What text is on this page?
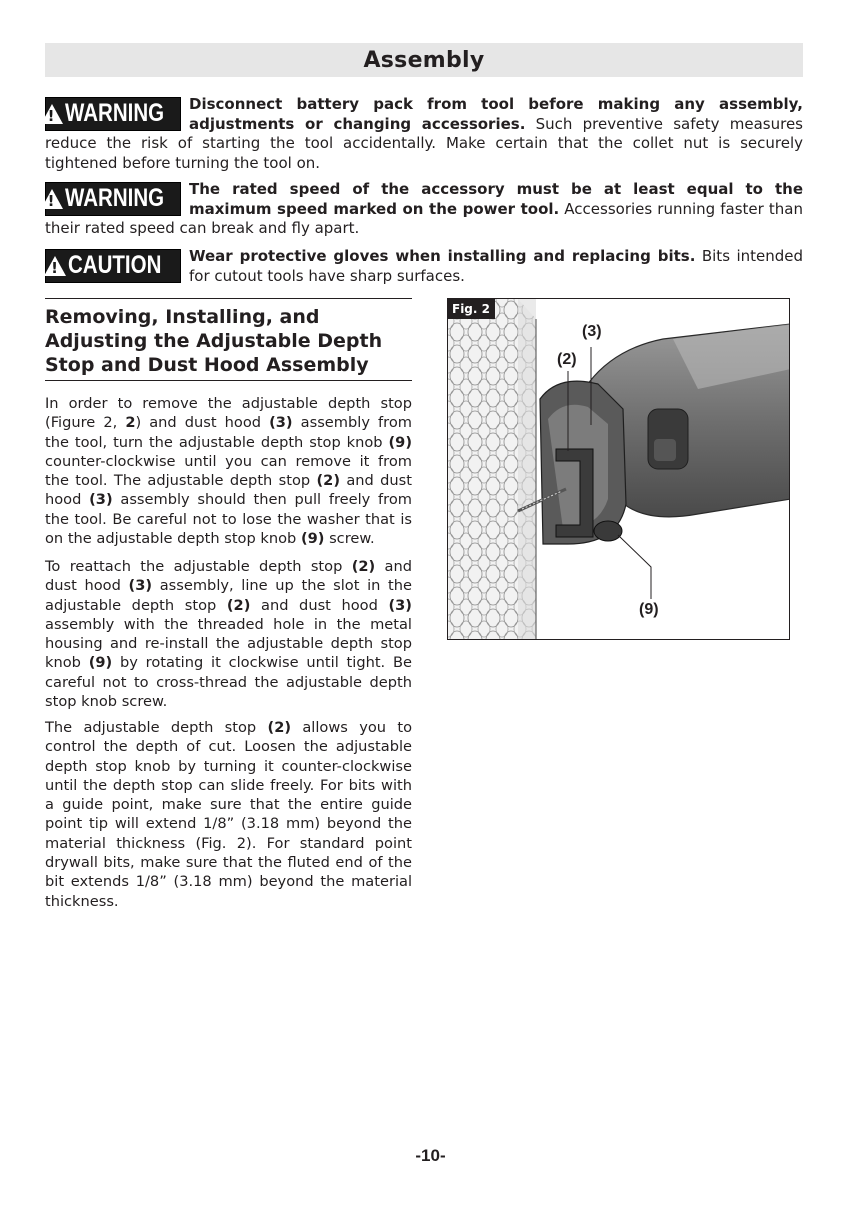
Assembly
!
WARNING Disconnect battery pack from tool before making any assembly, adjustments or changing accessories. Such preventive safety measures reduce the risk of starting the tool accidentally. Make certain that the collet nut is securely tightened before turning the tool on.
!
WARNING The rated speed of the accessory must be at least equal to the maximum speed marked on the power tool. Accessories running faster than their rated speed can break and fly apart.
!
CAUTION Wear protective gloves when installing and replacing bits. Bits intended for cutout tools have sharp surfaces.
Removing, Installing, and Adjusting the Adjustable Depth Stop and Dust Hood Assembly
In order to remove the adjustable depth stop (Figure 2, 2) and dust hood (3) assembly from the tool, turn the adjustable depth stop knob (9) counter-clockwise until you can remove it from the tool. The adjustable depth stop (2) and dust hood (3) assembly should then pull freely from the tool. Be careful not to lose the washer that is on the adjustable depth stop knob (9) screw.
To reattach the adjustable depth stop (2) and dust hood (3) assembly, line up the slot in the adjustable depth stop (2) and dust hood (3) assembly with the threaded hole in the metal housing and re-install the adjustable depth stop knob (9) by rotating it clockwise until tight. Be careful not to cross-thread the adjustable depth stop knob screw.
The adjustable depth stop (2) allows you to control the depth of cut. Loosen the adjustable depth stop knob by turning it counter-clockwise until the depth stop can slide freely. For bits with a guide point, make sure that the entire guide point tip will extend 1/8” (3.18 mm) beyond the material thickness (Fig. 2). For standard point drywall bits, make sure that the fluted end of the bit extends 1/8” (3.18 mm) beyond the material thickness.
Fig. 2
(3)
(2)
(9)
-10-
